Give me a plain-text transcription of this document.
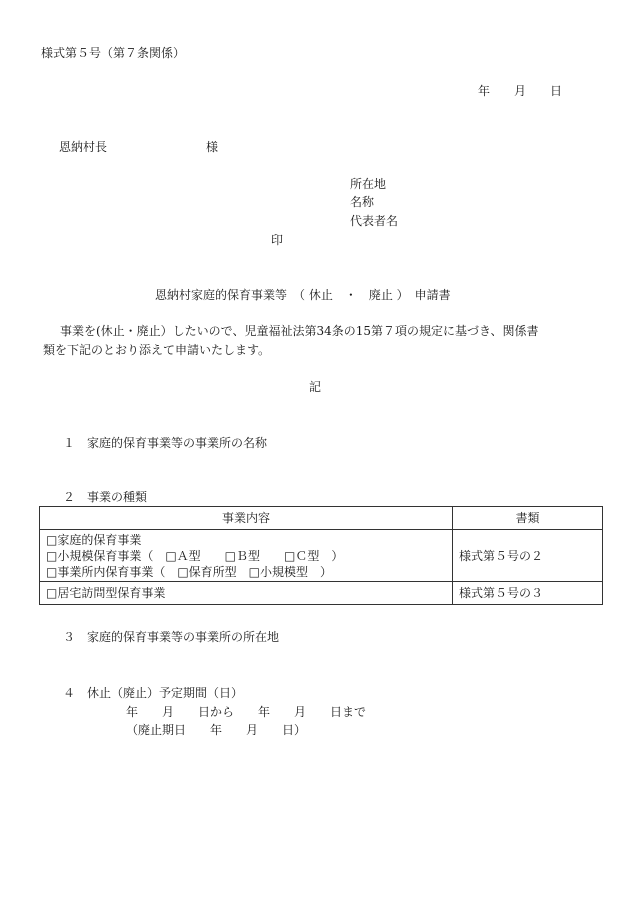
様式第５号（第７条関係）
年　　月　　日
恩納村長	様
所在地
名称
代表者名
印
恩納村家庭的保育事業等　（ 休止　・　廃止 ）　申請書
事業を(休止・廃止）したいので、児童福祉法第34条の15第７項の規定に基づき、関係書
類を下記のとおり添えて申請いたします。
記
１　家庭的保育事業等の事業所の名称
２　事業の種類
事業内容	書類

□家庭的保育事業
□小規模保育事業（　□Ａ型　　□Ｂ型　　□Ｃ型　）
□事業所内保育事業（　□保育所型　□小規模型　）	様式第５号の２
□居宅訪問型保育事業	様式第５号の３
３　家庭的保育事業等の事業所の所在地
４　休止（廃止）予定期間（日）
年　　月　　日から　　年　　月　　日まで
（廃止期日　　年　　月　　日）
